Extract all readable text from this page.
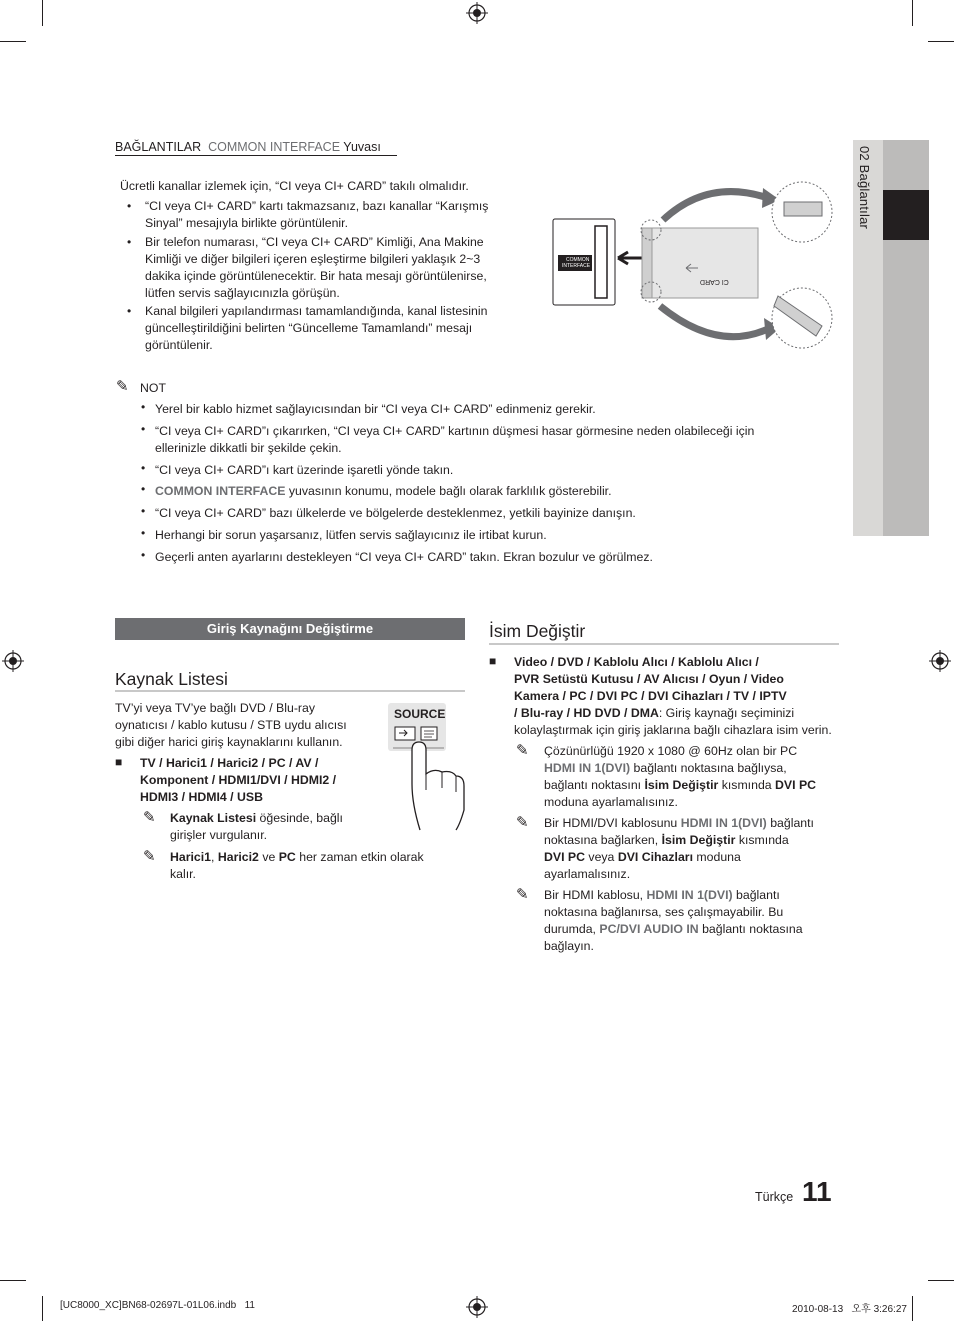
BAĞLANTILAR COMMON INTERFACE Yuvası	02 Bağlantılar
Ücretli kanallar izlemek için, “CI veya CI+ CARD” takılı olmalıdır.
• “CI veya CI+ CARD” kartı takmazsanız, bazı kanallar “Karışmış
Sinyal” mesajıyla birlikte görüntülenir.
• Bir telefon numarası, “CI veya CI+ CARD” Kimliği, Ana Makine
Kimliği ve diğer bilgileri içeren eşleştirme bilgileri yaklaşık 2~3
dakika içinde görüntülenecektir. Bir hata mesajı görüntülenirse,
lütfen servis sağlayıcınızla görüşün.
• Kanal bilgileri yapılandırması tamamlandığında, kanal listesinin
güncelleştirildiğini belirten “Güncelleme Tamamlandı” mesajı
görüntülenir.
COMMON
INTERFACE
CI CARD
✎ NOT
• Yerel bir kablo hizmet sağlayıcısından bir “CI veya CI+ CARD” edinmeniz gerekir.
• “CI veya CI+ CARD”ı çıkarırken, “CI veya CI+ CARD” kartının düşmesi hasar görmesine neden olabileceği için
ellerinizle dikkatli bir şekilde çekin.
• “CI veya CI+ CARD”ı kart üzerinde işaretli yönde takın.
• COMMON INTERFACE yuvasının konumu, modele bağlı olarak farklılık gösterebilir.
• “CI veya CI+ CARD” bazı ülkelerde ve bölgelerde desteklenmez, yetkili bayinize danışın.
• Herhangi bir sorun yaşarsanız, lütfen servis sağlayıcınız ile irtibat kurun.
• Geçerli anten ayarlarını destekleyen “CI veya CI+ CARD” takın. Ekran bozulur ve görülmez.
Giriş Kaynağını Değiştirme
Kaynak Listesi
TV’yi veya TV’ye bağlı DVD / Blu-ray
oynatıcısı / kablo kutusu / STB uydu alıcısı
gibi diğer harici giriş kaynaklarını kullanın.
■ TV / Harici1 / Harici2 / PC / AV /
Komponent / HDMI1/DVI / HDMI2 /
HDMI3 / HDMI4 / USB
✎ Kaynak Listesi öğesinde, bağlı
girişler vurgulanır.
✎ Harici1, Harici2 ve PC her zaman etkin olarak
kalır.
SOURCE
İsim Değiştir
■ Video / DVD / Kablolu Alıcı / Kablolu Alıcı /
PVR Setüstü Kutusu / AV Alıcısı / Oyun / Video
Kamera / PC / DVI PC / DVI Cihazları / TV / IPTV
/ Blu-ray / HD DVD / DMA: Giriş kaynağı seçiminizi
kolaylaştırmak için giriş jaklarına bağlı cihazlara isim verin.
✎ Çözünürlüğü 1920 x 1080 @ 60Hz olan bir PC
HDMI IN 1(DVI) bağlantı noktasına bağlıysa,
bağlantı noktasını İsim Değiştir kısmında DVI PC
moduna ayarlamalısınız.
✎ Bir HDMI/DVI kablosunu HDMI IN 1(DVI) bağlantı
noktasına bağlarken, İsim Değiştir kısmında
DVI PC veya DVI Cihazları moduna
ayarlamalısınız.
✎ Bir HDMI kablosu, HDMI IN 1(DVI) bağlantı
noktasına bağlanırsa, ses çalışmayabilir. Bu
durumda, PC/DVI AUDIO IN bağlantı noktasına
bağlayın.
Türkçe 11
[UC8000_XC]BN68-02697L-01L06.indb   11	2010-08-13   오후 3:26:27
